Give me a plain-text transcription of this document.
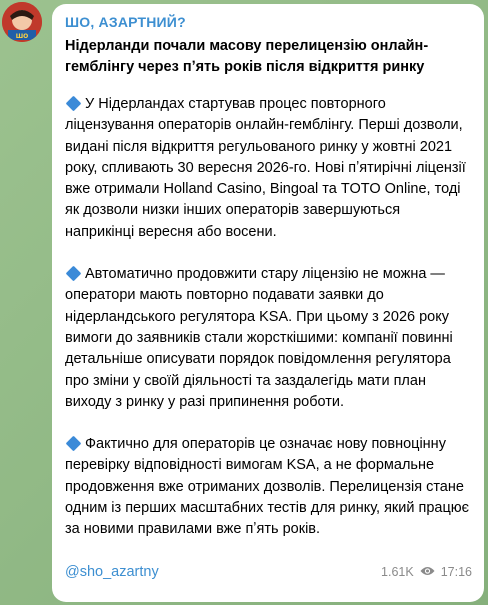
ШО
ШО, АЗАРТНИЙ?
Нідерланди почали масову перелицензію онлайн-гемблінгу через пʼять років після відкриття ринку
У Нідерландах стартував процес повторного ліцензування операторів онлайн-гемблінгу. Перші дозволи, видані після відкриття регульованого ринку у жовтні 2021 року, спливають 30 вересня 2026-го. Нові пʼятирічні ліцензії вже отримали Holland Casino, Bingoal та TOTO Online, тоді як дозволи низки інших операторів завершуються наприкінці вересня або восени.
Автоматично продовжити стару ліцензію не можна — оператори мають повторно подавати заявки до нідерландського регулятора KSA. При цьому з 2026 року вимоги до заявників стали жорсткішими: компанії повинні детальніше описувати порядок повідомлення регулятора про зміни у своїй діяльності та заздалегідь мати план виходу з ринку у разі припинення роботи.
Фактично для операторів це означає нову повноцінну перевірку відповідності вимогам KSA, а не формальне продовження вже отриманих дозволів. Перелицензія стане одним із перших масштабних тестів для ринку, який працює за новими правилами вже пʼять років.
@sho_azartny	1.61K 17:16
